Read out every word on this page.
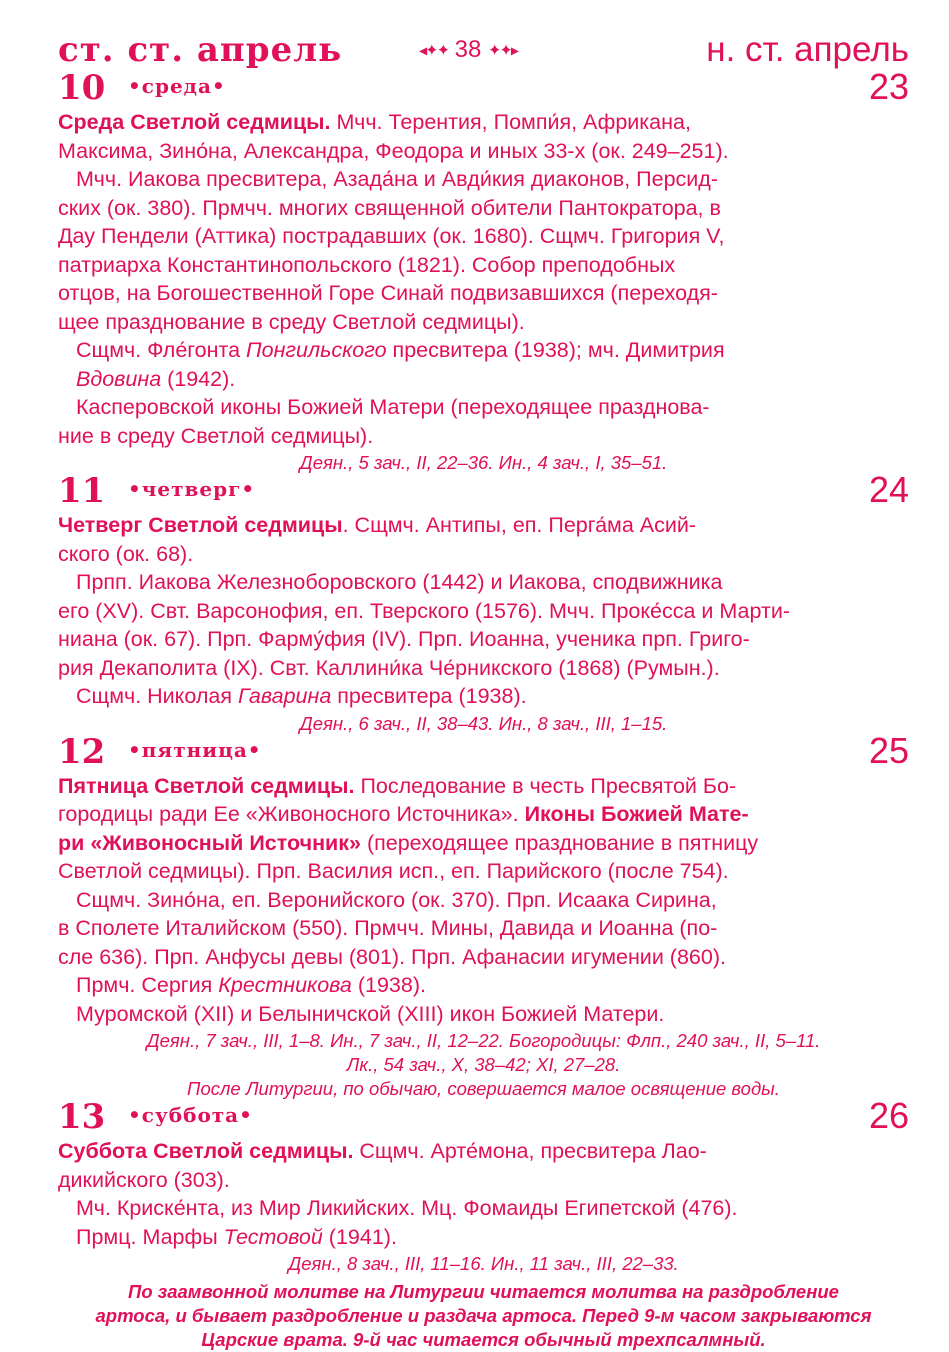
ст. ст. апрель	◂✦✦ 38 ✦✦▸	н. ст. апрель
10 •среда•	23

Среда Светлой седмицы. Мчч. Терентия, Помпи́я, Африкана,
Максима, Зино́на, Александра, Феодора и иных 33-х (ок. 249–251).

Мчч. Иакова пресвитера, Азада́на и Авди́кия диаконов, Персид-

ских (ок. 380). Прмчч. многих священной обители Пантократора, в
Дау Пендели (Аттика) пострадавших (ок. 1680). Сщмч. Григория V,
патриарха Константинопольского (1821). Собор преподобных
отцов, на Богошественной Горе Синай подвизавшихся (переходя-
щее празднование в среду Светлой седмицы).

Сщмч. Фле́гонта Понгильского пресвитера (1938); мч. Димитрия
Вдовина (1942).

Касперовской иконы Божией Матери (переходящее празднова-

ние в среду Светлой седмицы).

Деян., 5 зач., II, 22–36. Ин., 4 зач., I, 35–51.

11 •четверг•	24

Четверг Светлой седмицы. Сщмч. Антипы, еп. Перга́ма Асий-
ского (ок. 68).

Прпп. Иакова Железноборовского (1442) и Иакова, сподвижника

его (XV). Свт. Варсонофия, еп. Тверского (1576). Мчч. Проке́сса и Марти-
ниана (ок. 67). Прп. Фарму́фия (IV). Прп. Иоанна, ученика прп. Григо-
рия Декаполита (IX). Свт. Каллини́ка Че́рникского (1868) (Румын.).

Сщмч. Николая Гаварина пресвитера (1938).

Деян., 6 зач., II, 38–43. Ин., 8 зач., III, 1–15.

12 •пятница•	25

Пятница Светлой седмицы. Последование в честь Пресвятой Бо-
городицы ради Ее «Живоносного Источника». Иконы Божией Мате-
ри «Живоносный Источник» (переходящее празднование в пятницу
Светлой седмицы). Прп. Василия исп., еп. Парийского (после 754).

Сщмч. Зино́на, еп. Веронийского (ок. 370). Прп. Исаака Сирина,

в Сполете Италийском (550). Прмчч. Мины, Давида и Иоанна (по-
сле 636). Прп. Анфусы девы (801). Прп. Афанасии игумении (860).

Прмч. Сергия Крестникова (1938).

Муромской (XII) и Белыничской (XIII) икон Божией Матери.

Деян., 7 зач., III, 1–8. Ин., 7 зач., II, 12–22. Богородицы: Флп., 240 зач., II, 5–11.
Лк., 54 зач., X, 38–42; XI, 27–28.

После Литургии, по обычаю, совершается малое освящение воды.

13 •суббота•	26

Суббота Светлой седмицы. Сщмч. Арте́мона, пресвитера Лао-
дикийского (303).

Мч. Криске́нта, из Мир Ликийских. Мц. Фомаиды Египетской (476).

Прмц. Марфы Тестовой (1941).

Деян., 8 зач., III, 11–16. Ин., 11 зач., III, 22–33.

По заамвонной молитве на Литургии читается молитва на раздробление
артоса, и бывает раздробление и раздача артоса. Перед 9-м часом закрываются
Царские врата. 9-й час читается обычный трехпсалмный.
